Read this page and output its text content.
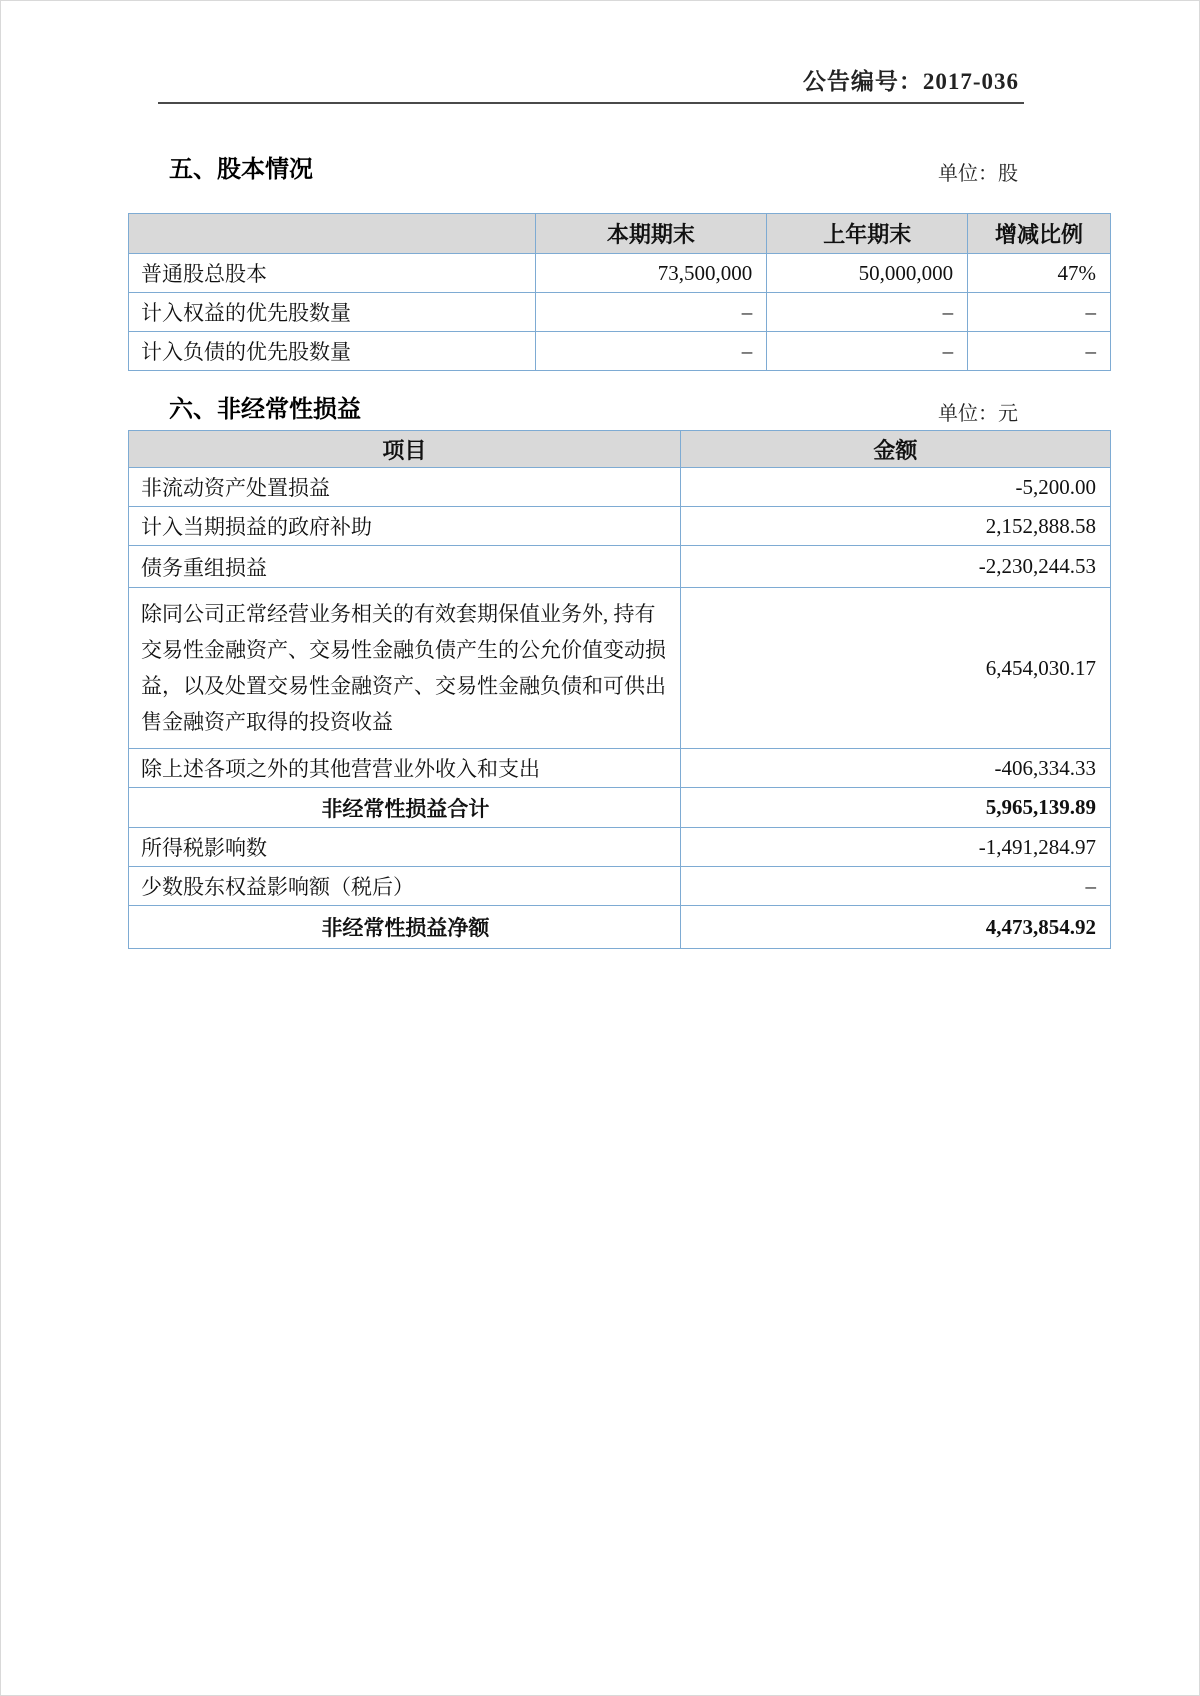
公告编号：2017-036
五、股本情况	单位：股
	本期期末	上年期末	增减比例
普通股总股本	73,500,000	50,000,000	47%
计入权益的优先股数量	–	–	–
计入负债的优先股数量	–	–	–
六、非经常性损益	单位：元
项目	金额
非流动资产处置损益	-5,200.00
计入当期损益的政府补助	2,152,888.58
债务重组损益	-2,230,244.53
除同公司正常经营业务相关的有效套期保值业务外, 持有交易性金融资产、交易性金融负债产生的公允价值变动损益，以及处置交易性金融资产、交易性金融负债和可供出售金融资产取得的投资收益	6,454,030.17
除上述各项之外的其他营营业外收入和支出	-406,334.33
非经常性损益合计	5,965,139.89
所得税影响数	-1,491,284.97
少数股东权益影响额（税后）	–
非经常性损益净额	4,473,854.92
